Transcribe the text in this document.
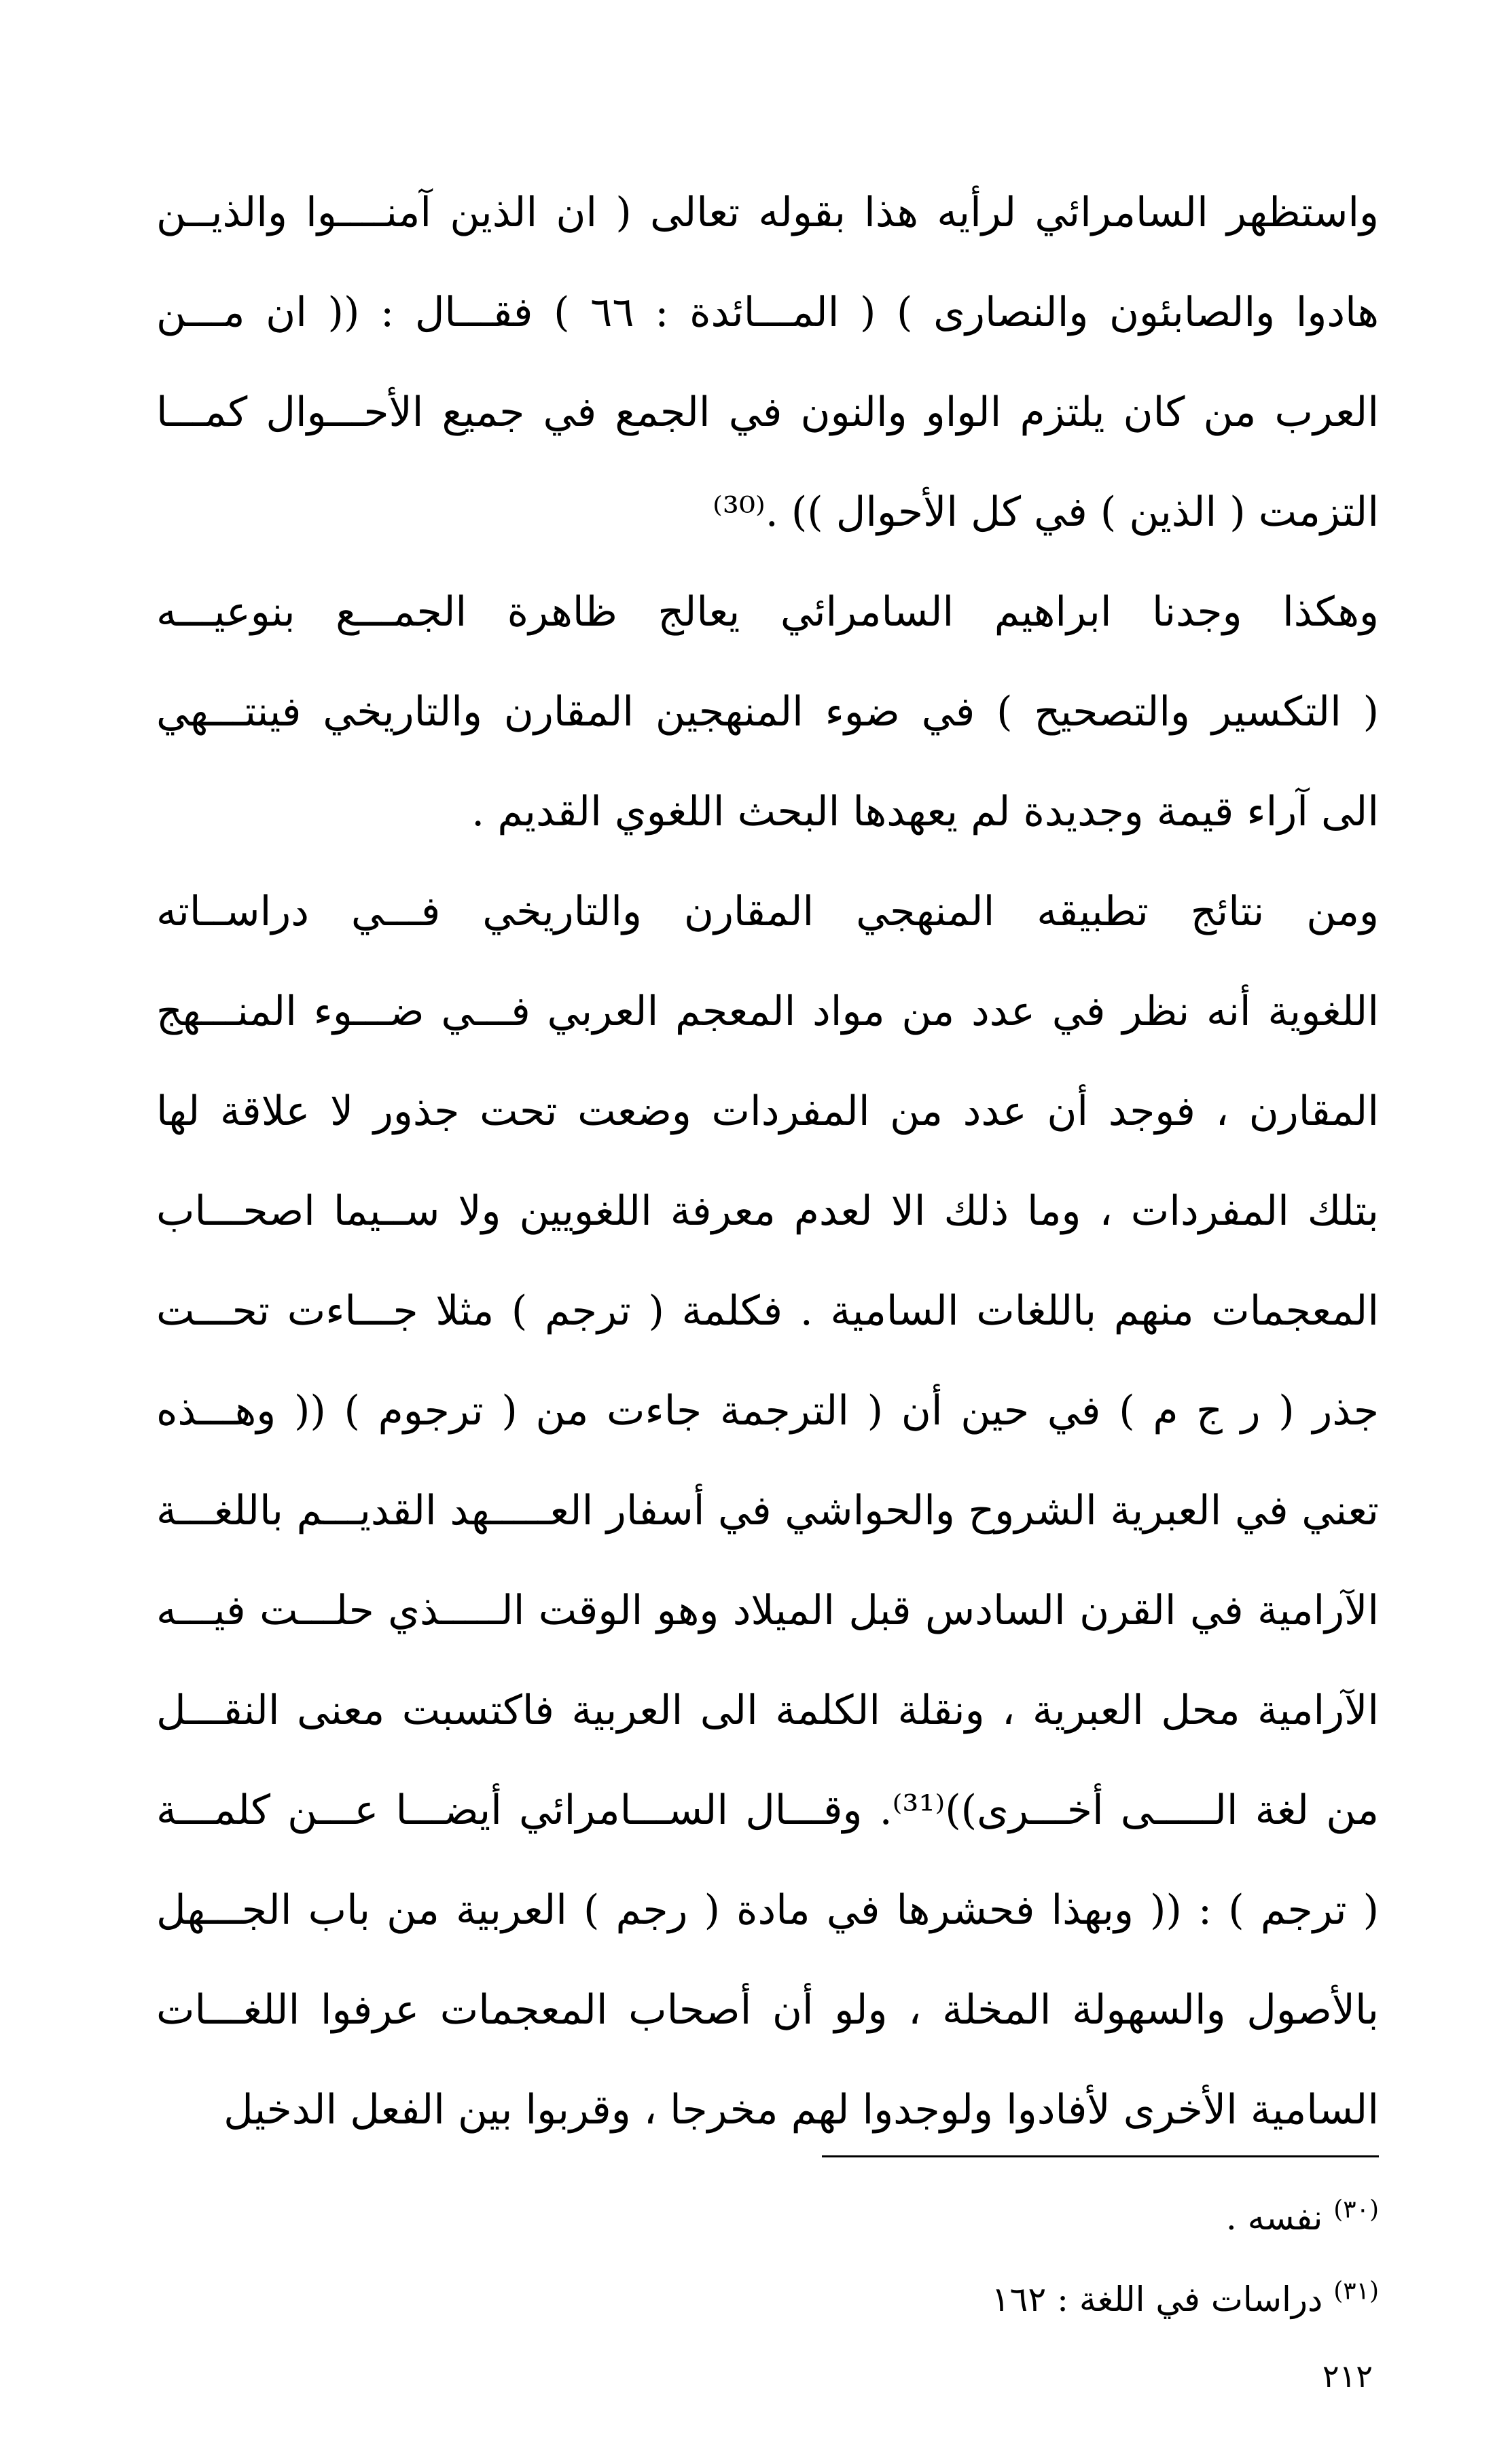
واستظهر السامرائي لرأيه هذا بقوله تعالى ( ان الذين آمنــــوا والذيــن
هادوا والصابئون والنصارى ) ( المـــائدة : ٦٦ ) فقـــال : (( ان مـــن
العرب من كان يلتزم الواو والنون في الجمع في جميع الأحـــوال كمـــا
التزمت ( الذين ) في كل الأحوال )) .⁽³⁰⁾
وهكذا وجدنا ابراهيم السامرائي يعالج ظاهرة الجمـــع بنوعيـــه
( التكسير والتصحيح ) في ضوء المنهجين المقارن والتاريخي فينتـــهي
الى آراء قيمة وجديدة لم يعهدها البحث اللغوي القديم .
ومن نتائج تطبيقه المنهجي المقارن والتاريخي فـــي دراســاته
اللغوية أنه نظر في عدد من مواد المعجم العربي فـــي ضـــوء المنـــهج
المقارن ، فوجد أن عدد من المفردات وضعت تحت جذور لا علاقة لها
بتلك المفردات ، وما ذلك الا لعدم معرفة اللغويين ولا ســيما اصحـــاب
المعجمات منهم باللغات السامية . فكلمة ( ترجم ) مثلا جـــاءت تحـــت
جذر ( ر ج م ) في حين أن ( الترجمة جاءت من ( ترجوم ) (( وهـــذه
تعني في العبرية الشروح والحواشي في أسفار العـــــهد القديـــم باللغـــة
الآرامية في القرن السادس قبل الميلاد وهو الوقت الـــــذي حلـــت فيـــه
الآرامية محل العبرية ، ونقلة الكلمة الى العربية فاكتسبت معنى النقـــل
من لغة الـــــى أخـــرى))⁽³¹⁾. وقـــال الســـامرائي أيضـــا عـــن كلمـــة
( ترجم ) : (( وبهذا فحشرها في مادة ( رجم ) العربية من باب الجـــهل
بالأصول والسهولة المخلة ، ولو أن أصحاب المعجمات عرفوا اللغـــات
السامية الأخرى لأفادوا ولوجدوا لهم مخرجا ، وقربوا بين الفعل الدخيل
$^{(٣٠)}$ نفسه .
$^{(٣١)}$ دراسات في اللغة : ١٦٢
٢١٢
